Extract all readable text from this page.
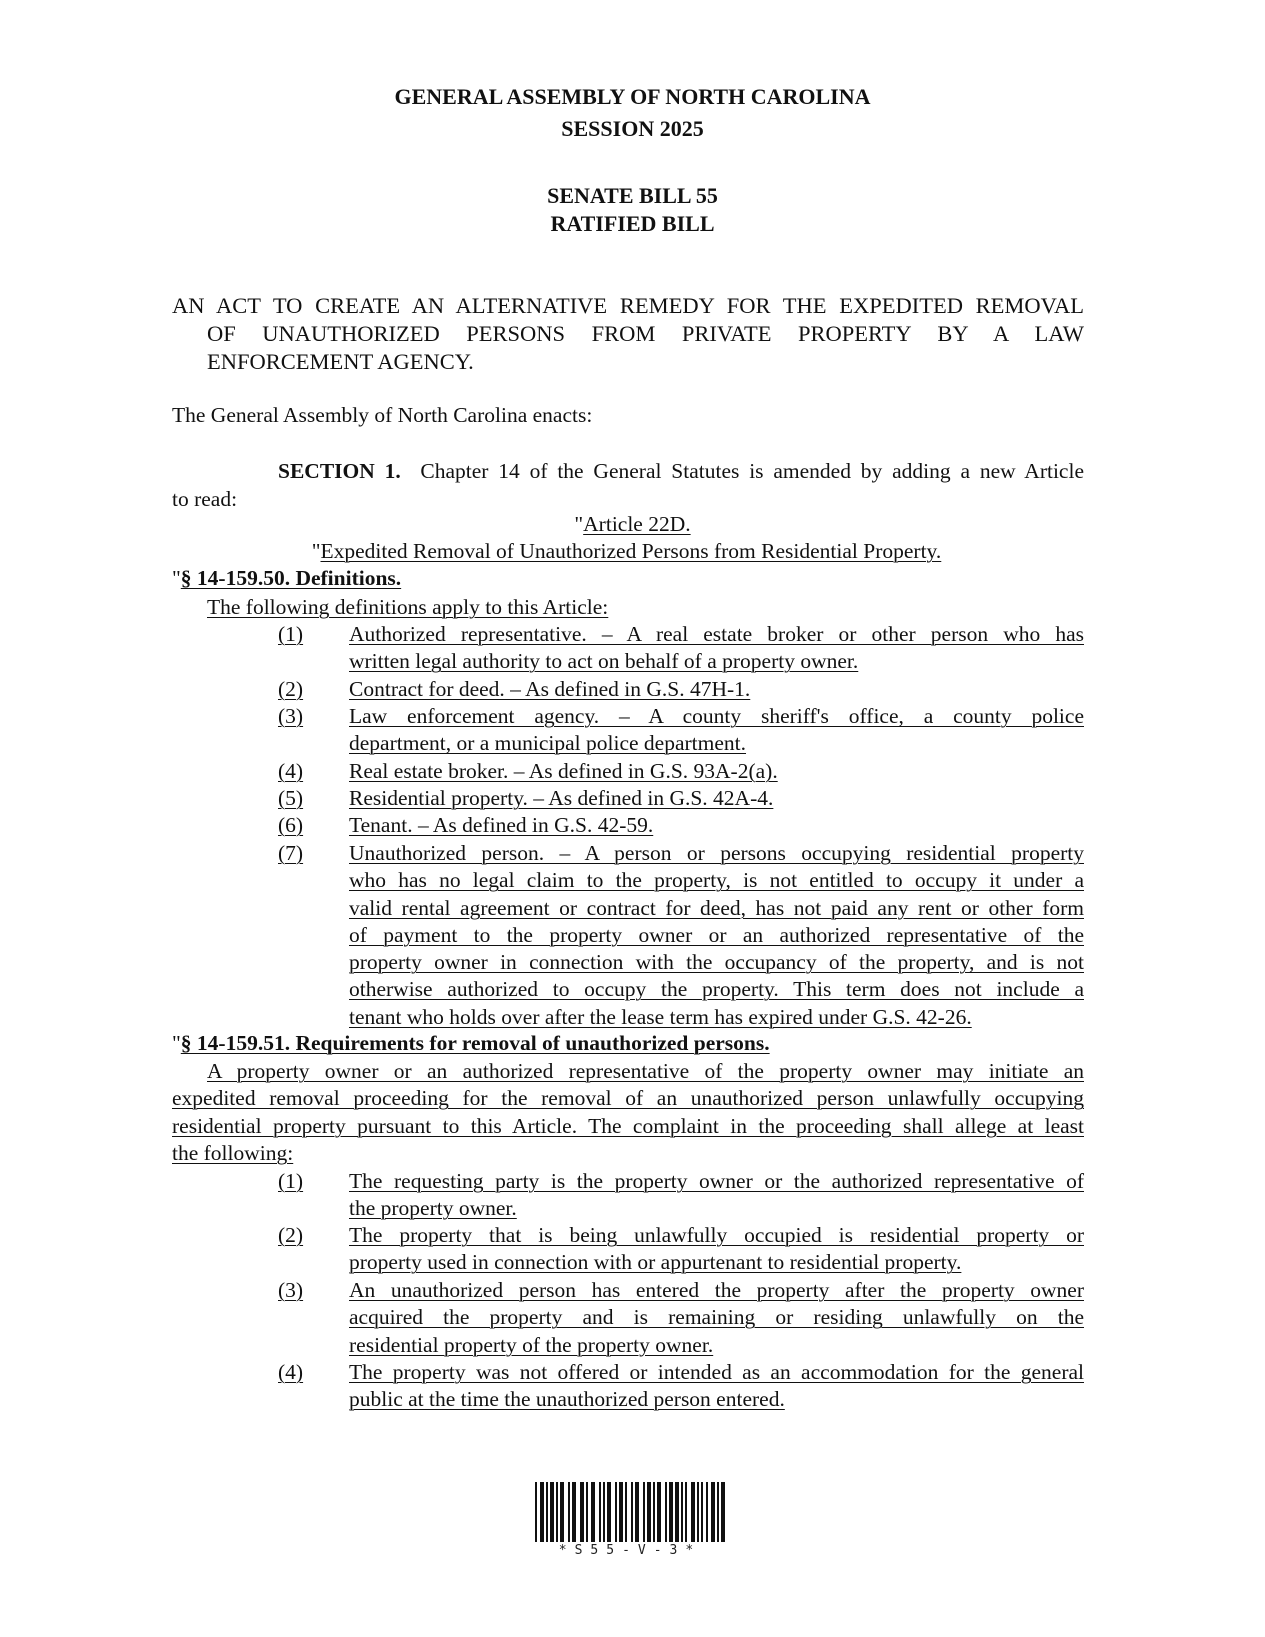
GENERAL ASSEMBLY OF NORTH CAROLINA
SESSION 2025
SENATE BILL 55
RATIFIED BILL
AN ACT TO CREATE AN ALTERNATIVE REMEDY FOR THE EXPEDITED REMOVAL
OF UNAUTHORIZED PERSONS FROM PRIVATE PROPERTY BY A LAW
ENFORCEMENT AGENCY.
The General Assembly of North Carolina enacts:
SECTION 1. Chapter 14 of the General Statutes is amended by adding a new Article
to read:
"Article 22D.
"Expedited Removal of Unauthorized Persons from Residential Property.
"§ 14-159.50. Definitions.
The following definitions apply to this Article:
(1) Authorized representative. – A real estate broker or other person who has
written legal authority to act on behalf of a property owner.
(2) Contract for deed. – As defined in G.S. 47H-1.
(3) Law enforcement agency. – A county sheriff's office, a county police
department, or a municipal police department.
(4) Real estate broker. – As defined in G.S. 93A-2(a).
(5) Residential property. – As defined in G.S. 42A-4.
(6) Tenant. – As defined in G.S. 42-59.
(7) Unauthorized person. – A person or persons occupying residential property
who has no legal claim to the property, is not entitled to occupy it under a
valid rental agreement or contract for deed, has not paid any rent or other form
of payment to the property owner or an authorized representative of the
property owner in connection with the occupancy of the property, and is not
otherwise authorized to occupy the property. This term does not include a
tenant who holds over after the lease term has expired under G.S. 42-26.
"§ 14-159.51. Requirements for removal of unauthorized persons.
A property owner or an authorized representative of the property owner may initiate an
expedited removal proceeding for the removal of an unauthorized person unlawfully occupying
residential property pursuant to this Article. The complaint in the proceeding shall allege at least
the following:
(1) The requesting party is the property owner or the authorized representative of
the property owner.
(2) The property that is being unlawfully occupied is residential property or
property used in connection with or appurtenant to residential property.
(3) An unauthorized person has entered the property after the property owner
acquired the property and is remaining or residing unlawfully on the
residential property of the property owner.
(4) The property was not offered or intended as an accommodation for the general
public at the time the unauthorized person entered.
*S55-V-3*
